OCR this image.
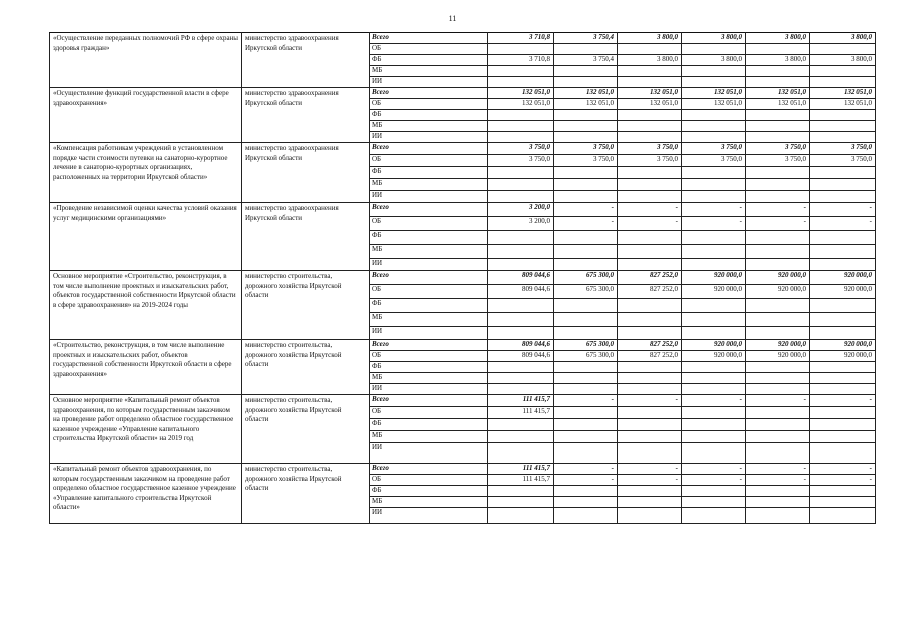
11
«Осуществление переданных полномочий РФ в сфере охраны здоровья граждан»	министерство здравоохранения Иркутской области	Всего	3 710,8	3 750,4	3 800,0	3 800,0	3 800,0	3 800,0
		ОБ						
		ФБ	3 710,8	3 750,4	3 800,0	3 800,0	3 800,0	3 800,0
		МБ						
		ИИ						
«Осуществление функций государственной власти в сфере здравоохранения»	министерство здравоохранения Иркутской области	Всего	132 051,0	132 051,0	132 051,0	132 051,0	132 051,0	132 051,0
		ОБ	132 051,0	132 051,0	132 051,0	132 051,0	132 051,0	132 051,0
		ФБ						
		МБ						
		ИИ						
«Компенсация работникам учреждений в установленном порядке части стоимости путевки на санаторно-курортное лечение в санаторно-курортных организациях, расположенных на территории Иркутской области»	министерство здравоохранения Иркутской области	Всего	3 750,0	3 750,0	3 750,0	3 750,0	3 750,0	3 750,0
		ОБ	3 750,0	3 750,0	3 750,0	3 750,0	3 750,0	3 750,0
		ФБ						
		МБ						
		ИИ						
«Проведение независимой оценки качества условий оказания услуг медицинскими организациями»	министерство здравоохранения Иркутской области	Всего	3 200,0	-	-	-	-	-
		ОБ	3 200,0	-	-	-	-	-
		ФБ						
		МБ						
		ИИ						
Основное мероприятие «Строительство, реконструкция, в том числе выполнение проектных и изыскательских работ, объектов государственной собственности Иркутской области в сфере здравоохранения» на 2019-2024 годы	министерство строительства, дорожного хозяйства Иркутской области	Всего	809 044,6	675 300,0	827 252,0	920 000,0	920 000,0	920 000,0
		ОБ	809 044,6	675 300,0	827 252,0	920 000,0	920 000,0	920 000,0
		ФБ						
		МБ						
		ИИ						
«Строительство, реконструкция, в том числе выполнение проектных и изыскательских работ, объектов государственной собственности Иркутской области в сфере здравоохранения»	министерство строительства, дорожного хозяйства Иркутской области	Всего	809 044,6	675 300,0	827 252,0	920 000,0	920 000,0	920 000,0
		ОБ	809 044,6	675 300,0	827 252,0	920 000,0	920 000,0	920 000,0
		ФБ						
		МБ						
		ИИ						
Основное мероприятие «Капитальный ремонт объектов здравоохранения, по которым государственным заказчиком на проведение работ определено областное государственное казенное учреждение «Управление капитального строительства Иркутской области» на 2019 год	министерство строительства, дорожного хозяйства Иркутской области	Всего	111 415,7	-	-	-	-	-
		ОБ	111 415,7					
		ФБ						
		МБ						
		ИИ						
«Капитальный ремонт объектов здравоохранения, по которым государственным заказчиком на проведение работ определено областное государственное казенное учреждение «Управление капитального строительства Иркутской области»	министерство строительства, дорожного хозяйства Иркутской области	Всего	111 415,7	-	-	-	-	-
		ОБ	111 415,7	-	-	-	-	-
		ФБ						
		МБ						
		ИИ						
